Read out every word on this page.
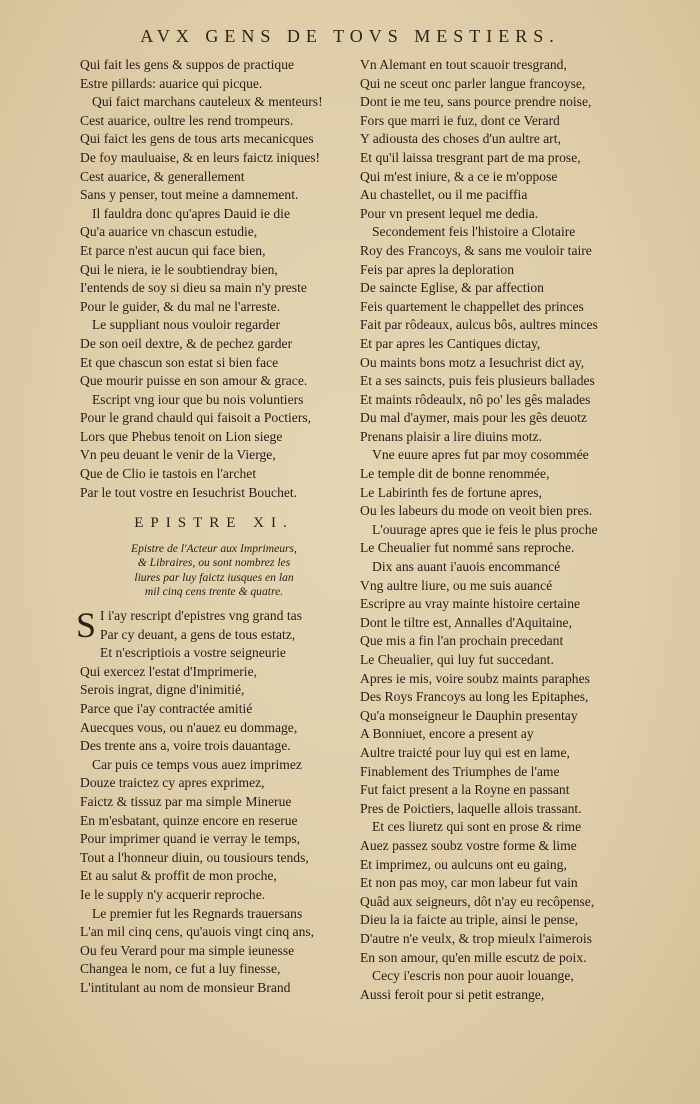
AVX GENS DE TOVS MESTIERS.
Qui fait les gens & suppos de practique
Estre pillards: auarice qui picque.
Qui faict marchans cauteleux & menteurs!
Cest auarice, oultre les rend trompeurs.
Qui faict les gens de tous arts mecanicques
De foy mauluaise, & en leurs faictz iniques!
Cest auarice, & generallement
Sans y penser, tout meine a damnement.
Il fauldra donc qu'apres Dauid ie die
Qu'a auarice vn chascun estudie,
Et parce n'est aucun qui face bien,
Qui le niera, ie le soubtiendray bien,
I'entends de soy si dieu sa main n'y preste
Pour le guider, & du mal ne l'arreste.
Le suppliant nous vouloir regarder
De son oeil dextre, & de pechez garder
Et que chascun son estat si bien face
Que mourir puisse en son amour & grace.
Escript vng iour que bu nois voluntiers
Pour le grand chauld qui faisoit a Poctiers,
Lors que Phebus tenoit on Lion siege
Vn peu deuant le venir de la Vierge,
Que de Clio ie tastois en l'archet
Par le tout vostre en Iesuchrist Bouchet.
EPISTRE XI.
Epistre de l'Acteur aux Imprimeurs,
& Libraires, ou sont nombrez les
liures par luy faictz iusques en lan
mil cinq cens trente & quatre.
S I i'ay rescript d'epistres vng grand tas
Par cy deuant, a gens de tous estatz,
Et n'escriptiois a vostre seigneurie
Qui exercez l'estat d'Imprimerie,
Serois ingrat, digne d'inimitié,
Parce que i'ay contractée amitié
Auecques vous, ou n'auez eu dommage,
Des trente ans a, voire trois dauantage.
Car puis ce temps vous auez imprimez
Douze traictez cy apres exprimez,
Faictz & tissuz par ma simple Minerue
En m'esbatant, quinze encore en reserue
Pour imprimer quand ie verray le temps,
Tout a l'honneur diuin, ou tousiours tends,
Et au salut & proffit de mon proche,
Ie le supply n'y acquerir reproche.
Le premier fut les Regnards trauersans
L'an mil cinq cens, qu'auois vingt cinq ans,
Ou feu Verard pour ma simple ieunesse
Changea le nom, ce fut a luy finesse,
L'intitulant au nom de monsieur Brand
Vn Alemant en tout scauoir tresgrand,
Qui ne sceut onc parler langue francoyse,
Dont ie me teu, sans pource prendre noise,
Fors que marri ie fuz, dont ce Verard
Y adiousta des choses d'un aultre art,
Et qu'il laissa tresgrant part de ma prose,
Qui m'est iniure, & a ce ie m'oppose
Au chastellet, ou il me paciffia
Pour vn present lequel me dedia.
Secondement feis l'histoire a Clotaire
Roy des Francoys, & sans me vouloir taire
Feis par apres la deploration
De saincte Eglise, & par affection
Feis quartement le chappellet des princes
Fait par rôdeaux, aulcus bôs, aultres minces
Et par apres les Cantiques dictay,
Ou maints bons motz a Iesuchrist dict ay,
Et a ses saincts, puis feis plusieurs ballades
Et maints rôdeaulx, nô po' les gês malades
Du mal d'aymer, mais pour les gês deuotz
Prenans plaisir a lire diuins motz.
Vne euure apres fut par moy cosommée
Le temple dit de bonne renommée,
Le Labirinth fes de fortune apres,
Ou les labeurs du mode on veoit bien pres.
L'ouurage apres que ie feis le plus proche
Le Cheualier fut nommé sans reproche.
Dix ans auant i'auois encommancé
Vng aultre liure, ou me suis auancé
Escripre au vray mainte histoire certaine
Dont le tiltre est, Annalles d'Aquitaine,
Que mis a fin l'an prochain precedant
Le Cheualier, qui luy fut succedant.
Apres ie mis, voire soubz maints paraphes
Des Roys Francoys au long les Epitaphes,
Qu'a monseigneur le Dauphin presentay
A Bonniuet, encore a present ay
Aultre traicté pour luy qui est en lame,
Finablement des Triumphes de l'ame
Fut faict present a la Royne en passant
Pres de Poictiers, laquelle allois trassant.
Et ces liuretz qui sont en prose & rime
Auez passez soubz vostre forme & lime
Et imprimez, ou aulcuns ont eu gaing,
Et non pas moy, car mon labeur fut vain
Quâd aux seigneurs, dôt n'ay eu recôpense,
Dieu la ia faicte au triple, ainsi le pense,
D'autre n'e veulx, & trop mieulx l'aimerois
En son amour, qu'en mille escutz de poix.
Cecy i'escris non pour auoir louange,
Aussi feroit pour si petit estrange,
